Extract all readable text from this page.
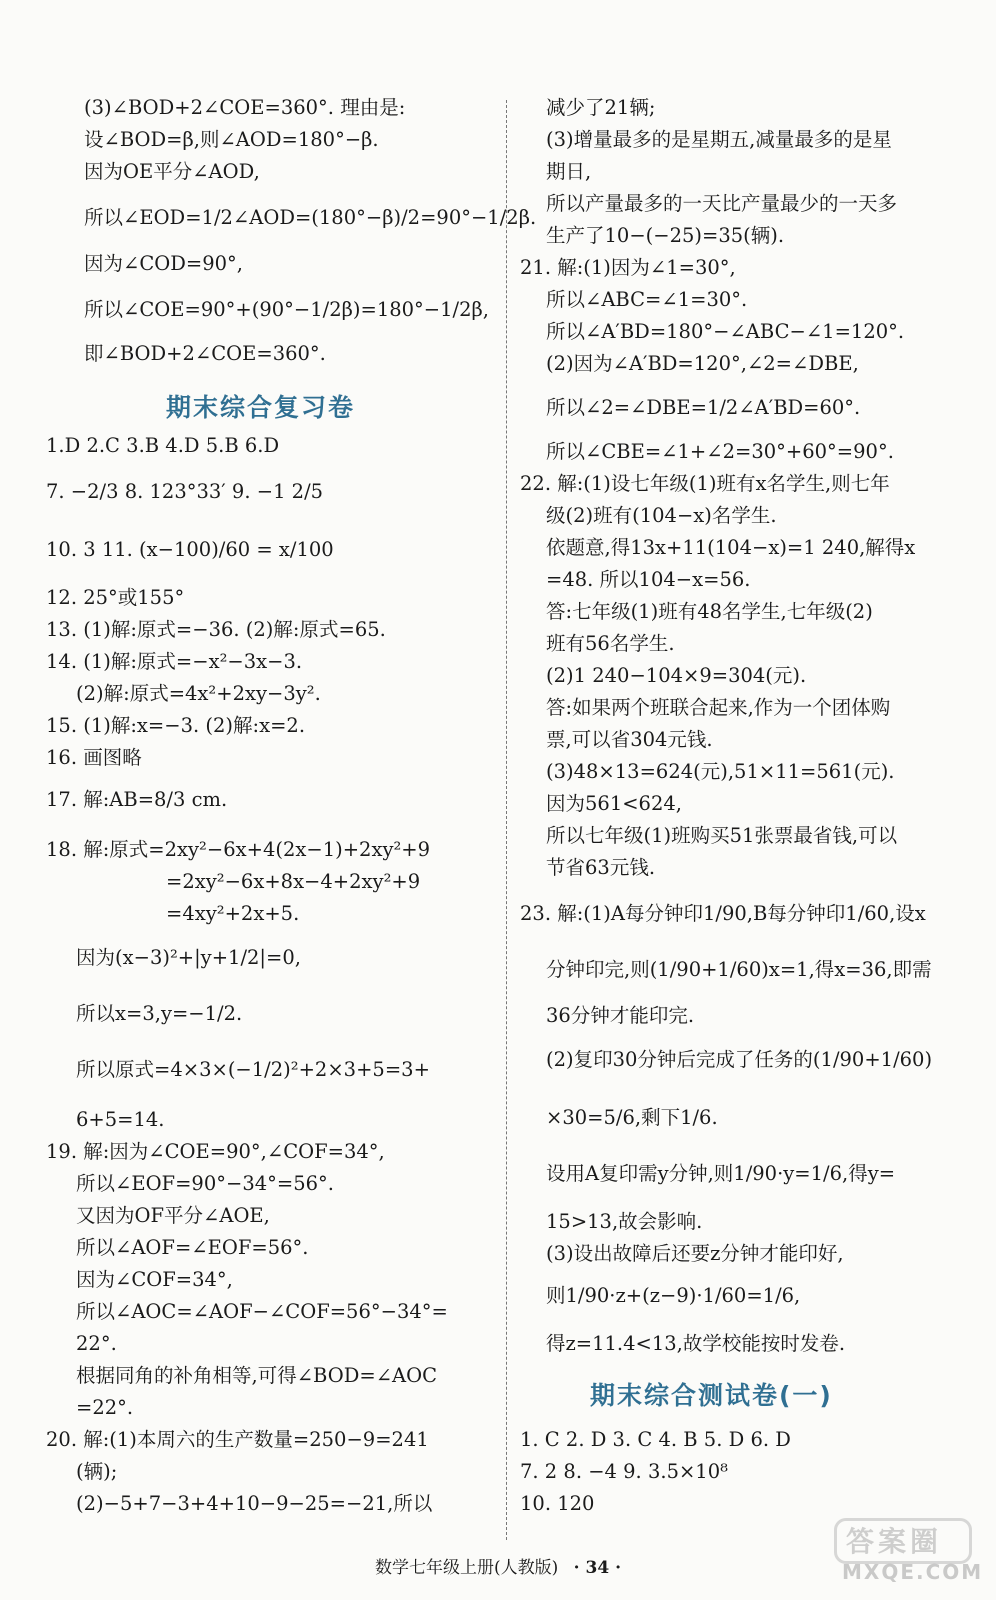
(3)∠BOD+2∠COE=360°. 理由是:
设∠BOD=β,则∠AOD=180°−β.
因为OE平分∠AOD,
所以∠EOD=1/2∠AOD=(180°−β)/2=90°−1/2β.
因为∠COD=90°,
所以∠COE=90°+(90°−1/2β)=180°−1/2β,
即∠BOD+2∠COE=360°.
1.D 2.C 3.B 4.D 5.B 6.D
7. −2/3 8. 123°33′ 9. −1 2/5
10. 3 11. (x−100)/60 = x/100
12. 25°或155°
13. (1)解:原式=−36. (2)解:原式=65.
14. (1)解:原式=−x²−3x−3.
(2)解:原式=4x²+2xy−3y².
15. (1)解:x=−3. (2)解:x=2.
16. 画图略
17. 解:AB=8/3 cm.
18. 解:原式=2xy²−6x+4(2x−1)+2xy²+9
=2xy²−6x+8x−4+2xy²+9
=4xy²+2x+5.
因为(x−3)²+|y+1/2|=0,
所以x=3,y=−1/2.
所以原式=4×3×(−1/2)²+2×3+5=3+
6+5=14.
19. 解:因为∠COE=90°,∠COF=34°,
所以∠EOF=90°−34°=56°.
又因为OF平分∠AOE,
所以∠AOF=∠EOF=56°.
因为∠COF=34°,
所以∠AOC=∠AOF−∠COF=56°−34°=
22°.
根据同角的补角相等,可得∠BOD=∠AOC
=22°.
20. 解:(1)本周六的生产数量=250−9=241
(辆);
(2)−5+7−3+4+10−9−25=−21,所以
期末综合复习卷
减少了21辆;
(3)增量最多的是星期五,减量最多的是星
期日,
所以产量最多的一天比产量最少的一天多
生产了10−(−25)=35(辆).
21. 解:(1)因为∠1=30°,
所以∠ABC=∠1=30°.
所以∠A′BD=180°−∠ABC−∠1=120°.
(2)因为∠A′BD=120°,∠2=∠DBE,
所以∠2=∠DBE=1/2∠A′BD=60°.
所以∠CBE=∠1+∠2=30°+60°=90°.
22. 解:(1)设七年级(1)班有x名学生,则七年
级(2)班有(104−x)名学生.
依题意,得13x+11(104−x)=1 240,解得x
=48. 所以104−x=56.
答:七年级(1)班有48名学生,七年级(2)
班有56名学生.
(2)1 240−104×9=304(元).
答:如果两个班联合起来,作为一个团体购
票,可以省304元钱.
(3)48×13=624(元),51×11=561(元).
因为561<624,
所以七年级(1)班购买51张票最省钱,可以
节省63元钱.
23. 解:(1)A每分钟印1/90,B每分钟印1/60,设x
分钟印完,则(1/90+1/60)x=1,得x=36,即需
36分钟才能印完.
(2)复印30分钟后完成了任务的(1/90+1/60)
×30=5/6,剩下1/6.
设用A复印需y分钟,则1/90·y=1/6,得y=
15>13,故会影响.
(3)设出故障后还要z分钟才能印好,
则1/90·z+(z−9)·1/60=1/6,
得z=11.4<13,故学校能按时发卷.
1. C 2. D 3. C 4. B 5. D 6. D
7. 2 8. −4 9. 3.5×10⁸
10. 120
期末综合测试卷(一)
数学七年级上册(人教版) · 34 ·
答案圈
MXQE.COM
